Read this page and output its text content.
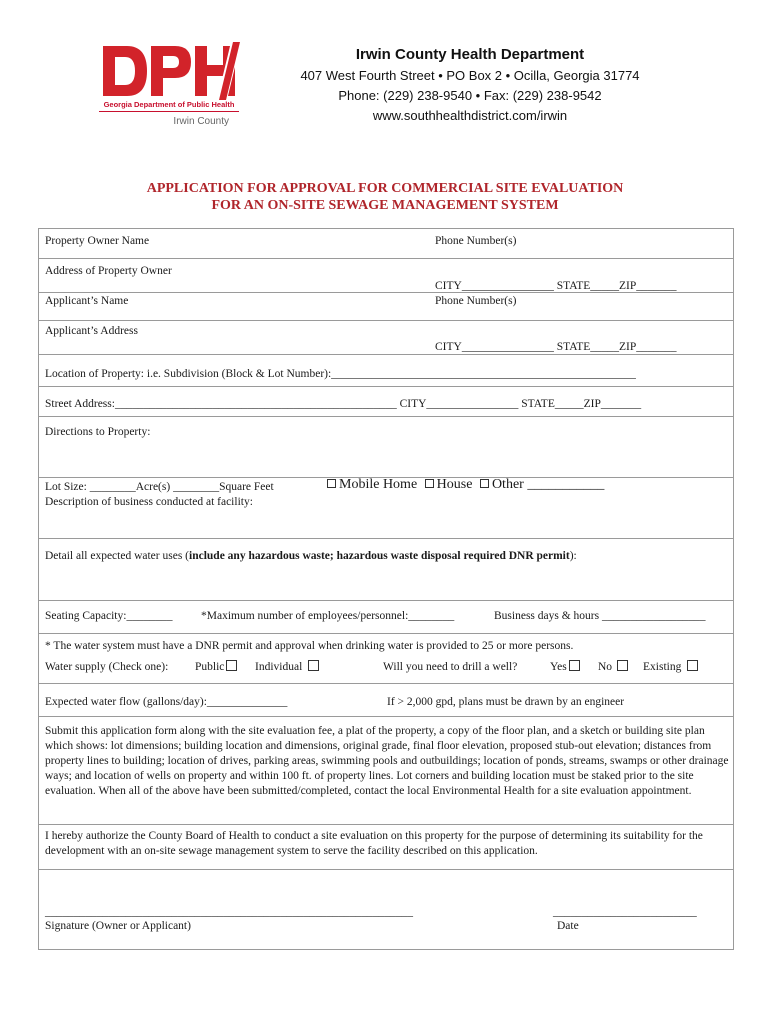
Georgia Department of Public Health
Irwin County
Irwin County Health Department
407 West Fourth Street • PO Box 2 • Ocilla, Georgia 31774
Phone: (229) 238-9540 • Fax: (229) 238-9542
www.southhealthdistrict.com/irwin
APPLICATION FOR APPROVAL FOR COMMERCIAL SITE EVALUATION
FOR AN ON-SITE SEWAGE MANAGEMENT SYSTEM
Property Owner Name	Phone Number(s)
Address of Property Owner
CITY________________ STATE_____ZIP_______
Applicant’s Name	Phone Number(s)
Applicant’s Address
CITY________________ STATE_____ZIP_______
Location of Property: i.e. Subdivision (Block & Lot Number):_____________________________________________________
Street Address:_________________________________________________ CITY________________ STATE_____ZIP_______
Directions to Property:
Lot Size: ________Acre(s) ________Square Feet	Mobile Home House Other ___________
Description of business conducted at facility:
Detail all expected water uses (include any hazardous waste; hazardous waste disposal required DNR permit):
Seating Capacity:________ *Maximum number of employees/personnel:________	Business days & hours __________________
* The water system must have a DNR permit and approval when drinking water is provided to 25 or more persons.
Water supply (Check one): Public	Individual	Will you need to drill a well?	Yes	No	Existing
Expected water flow (gallons/day):______________	If > 2,000 gpd, plans must be drawn by an engineer
Submit this application form along with the site evaluation fee, a plat of the property, a copy of the floor plan, and a sketch or building site plan which shows: lot dimensions; building location and dimensions, original grade, final floor elevation, proposed stub-out elevation; distances from property lines to building; location of drives, parking areas, swimming pools and outbuildings; location of ponds, streams, swamps or other drainage ways; and location of wells on property and within 100 ft. of property lines. Lot corners and building location must be staked prior to the site evaluation. When all of the above have been submitted/completed, contact the local Environmental Health for a site evaluation appointment.
I hereby authorize the County Board of Health to conduct a site evaluation on this property for the purpose of determining its suitability for the development with an on-site sewage management system to serve the facility described on this application.
________________________________________________________________	_________________________
Signature (Owner or Applicant)	Date
